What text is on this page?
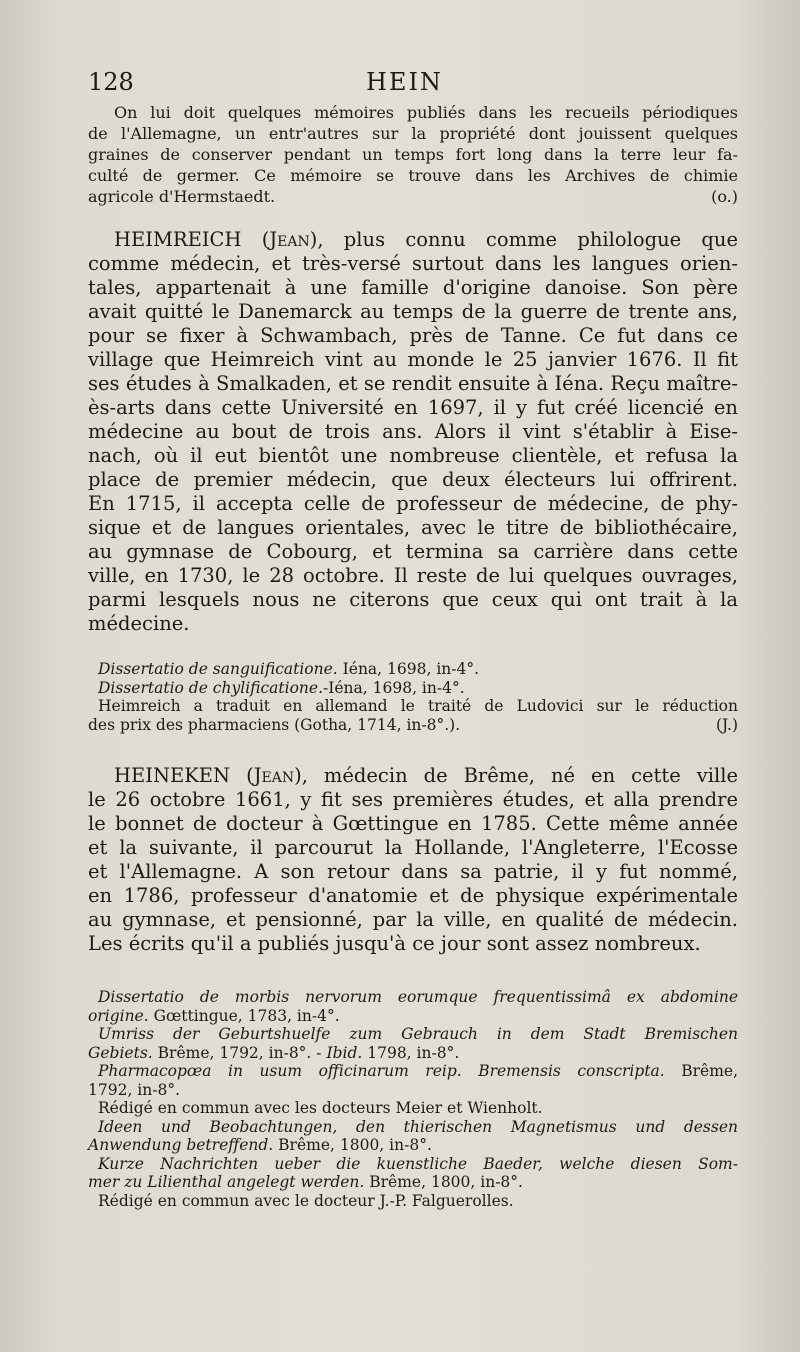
128	HEIN
On lui doit quelques mémoires publiés dans les recueils périodiques
de l'Allemagne, un entr'autres sur la propriété dont jouissent quelques
graines de conserver pendant un temps fort long dans la terre leur fa-
culté de germer. Ce mémoire se trouve dans les Archives de chimie
agricole d'Hermstaedt.	(o.)
HEIMREICH (Jean), plus connu comme philologue que
comme médecin, et très-versé surtout dans les langues orien-
tales, appartenait à une famille d'origine danoise. Son père
avait quitté le Danemarck au temps de la guerre de trente ans,
pour se fixer à Schwambach, près de Tanne. Ce fut dans ce
village que Heimreich vint au monde le 25 janvier 1676. Il fit
ses études à Smalkaden, et se rendit ensuite à Iéna. Reçu maître-
ès-arts dans cette Université en 1697, il y fut créé licencié en
médecine au bout de trois ans. Alors il vint s'établir à Eise-
nach, où il eut bientôt une nombreuse clientèle, et refusa la
place de premier médecin, que deux électeurs lui offrirent.
En 1715, il accepta celle de professeur de médecine, de phy-
sique et de langues orientales, avec le titre de bibliothécaire,
au gymnase de Cobourg, et termina sa carrière dans cette
ville, en 1730, le 28 octobre. Il reste de lui quelques ouvrages,
parmi lesquels nous ne citerons que ceux qui ont trait à la
médecine.
Dissertatio de sanguificatione. Iéna, 1698, in-4°.
Dissertatio de chylificatione.-Iéna, 1698, in-4°.
Heimreich a traduit en allemand le traité de Ludovici sur le réduction
des prix des pharmaciens (Gotha, 1714, in-8°.).	(J.)
HEINEKEN (Jean), médecin de Brême, né en cette ville
le 26 octobre 1661, y fit ses premières études, et alla prendre
le bonnet de docteur à Gœttingue en 1785. Cette même année
et la suivante, il parcourut la Hollande, l'Angleterre, l'Ecosse
et l'Allemagne. A son retour dans sa patrie, il y fut nommé,
en 1786, professeur d'anatomie et de physique expérimentale
au gymnase, et pensionné, par la ville, en qualité de médecin.
Les écrits qu'il a publiés jusqu'à ce jour sont assez nombreux.
Dissertatio de morbis nervorum eorumque frequentissimâ ex abdomine
origine. Gœttingue, 1783, in-4°.
Umriss der Geburtshuelfe zum Gebrauch in dem Stadt Bremischen
Gebiets. Brême, 1792, in-8°. - Ibid. 1798, in-8°.
Pharmacopœa in usum officinarum reip. Bremensis conscripta. Brême,
1792, in-8°.
Rédigé en commun avec les docteurs Meier et Wienholt.
Ideen und Beobachtungen, den thierischen Magnetismus und dessen
Anwendung betreffend. Brême, 1800, in-8°.
Kurze Nachrichten ueber die kuenstliche Baeder, welche diesen Som-
mer zu Lilienthal angelegt werden. Brême, 1800, in-8°.
Rédigé en commun avec le docteur J.-P. Falguerolles.
